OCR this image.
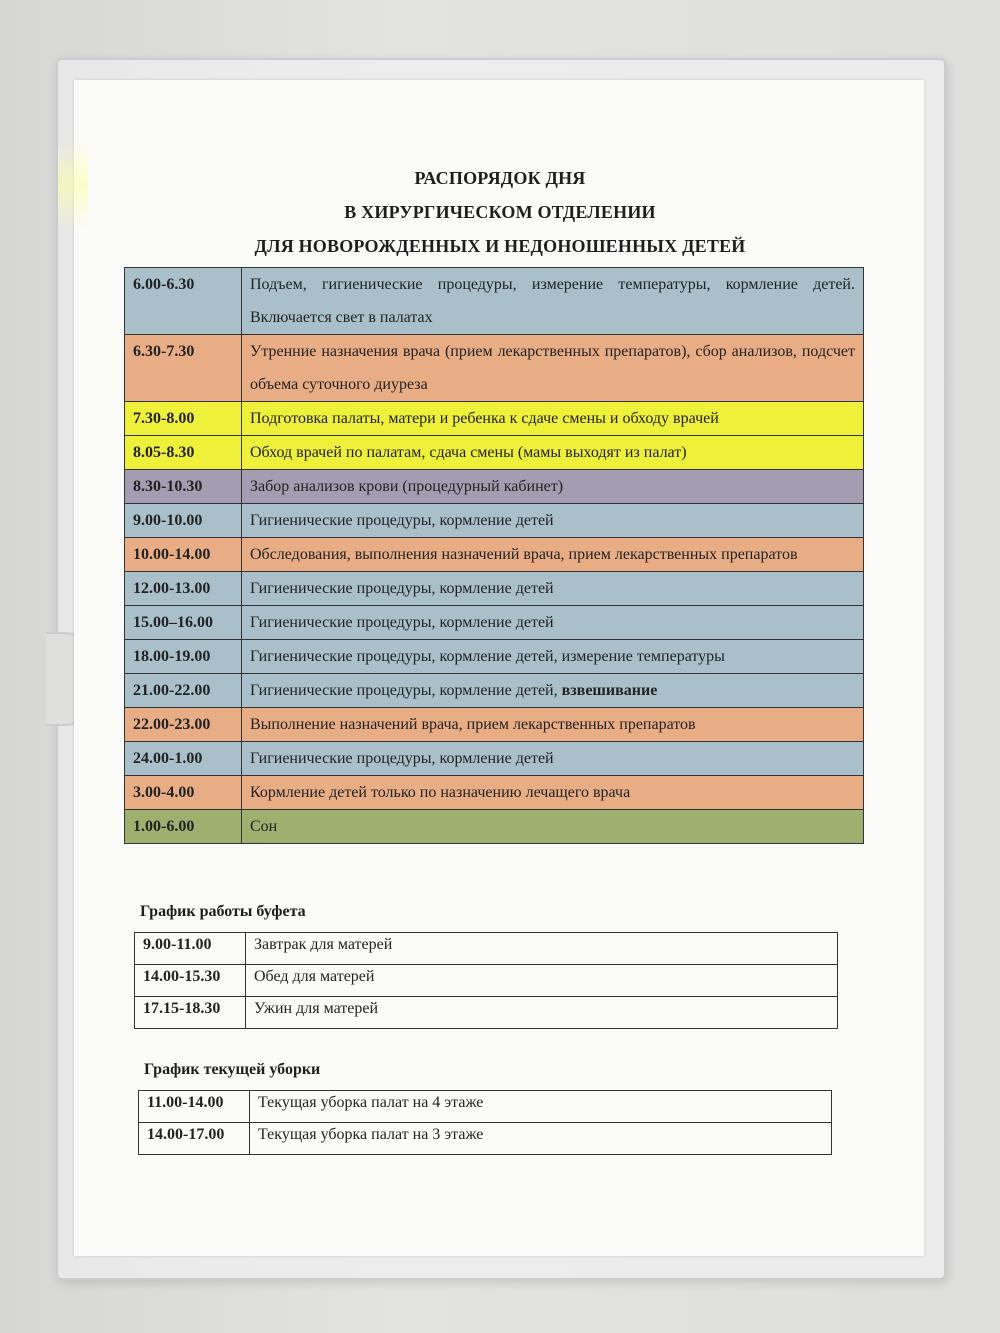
РАСПОРЯДОК ДНЯ
В ХИРУРГИЧЕСКОМ ОТДЕЛЕНИИ
ДЛЯ НОВОРОЖДЕННЫХ И НЕДОНОШЕННЫХ ДЕТЕЙ
6.00-6.30	Подъем, гигиенические процедуры, измерение температуры, кормление детей. Включается свет в палатах
6.30-7.30	Утренние назначения врача (прием лекарственных препаратов), сбор анализов, подсчет объема суточного диуреза
7.30-8.00	Подготовка палаты, матери и ребенка к сдаче смены и обходу врачей
8.05-8.30	Обход врачей по палатам, сдача смены (мамы выходят из палат)
8.30-10.30	Забор анализов крови (процедурный кабинет)
9.00-10.00	Гигиенические процедуры, кормление детей
10.00-14.00	Обследования, выполнения назначений врача, прием лекарственных препаратов
12.00-13.00	Гигиенические процедуры, кормление детей
15.00–16.00	Гигиенические процедуры, кормление детей
18.00-19.00	Гигиенические процедуры, кормление детей, измерение температуры
21.00-22.00	Гигиенические процедуры, кормление детей, взвешивание
22.00-23.00	Выполнение назначений врача, прием лекарственных препаратов
24.00-1.00	Гигиенические процедуры, кормление детей
3.00-4.00	Кормление детей только по назначению лечащего врача
1.00-6.00	Сон
График работы буфета
9.00-11.00	Завтрак для матерей
14.00-15.30	Обед для матерей
17.15-18.30	Ужин для матерей
График текущей уборки
11.00-14.00	Текущая уборка палат на 4 этаже
14.00-17.00	Текущая уборка палат на 3 этаже
